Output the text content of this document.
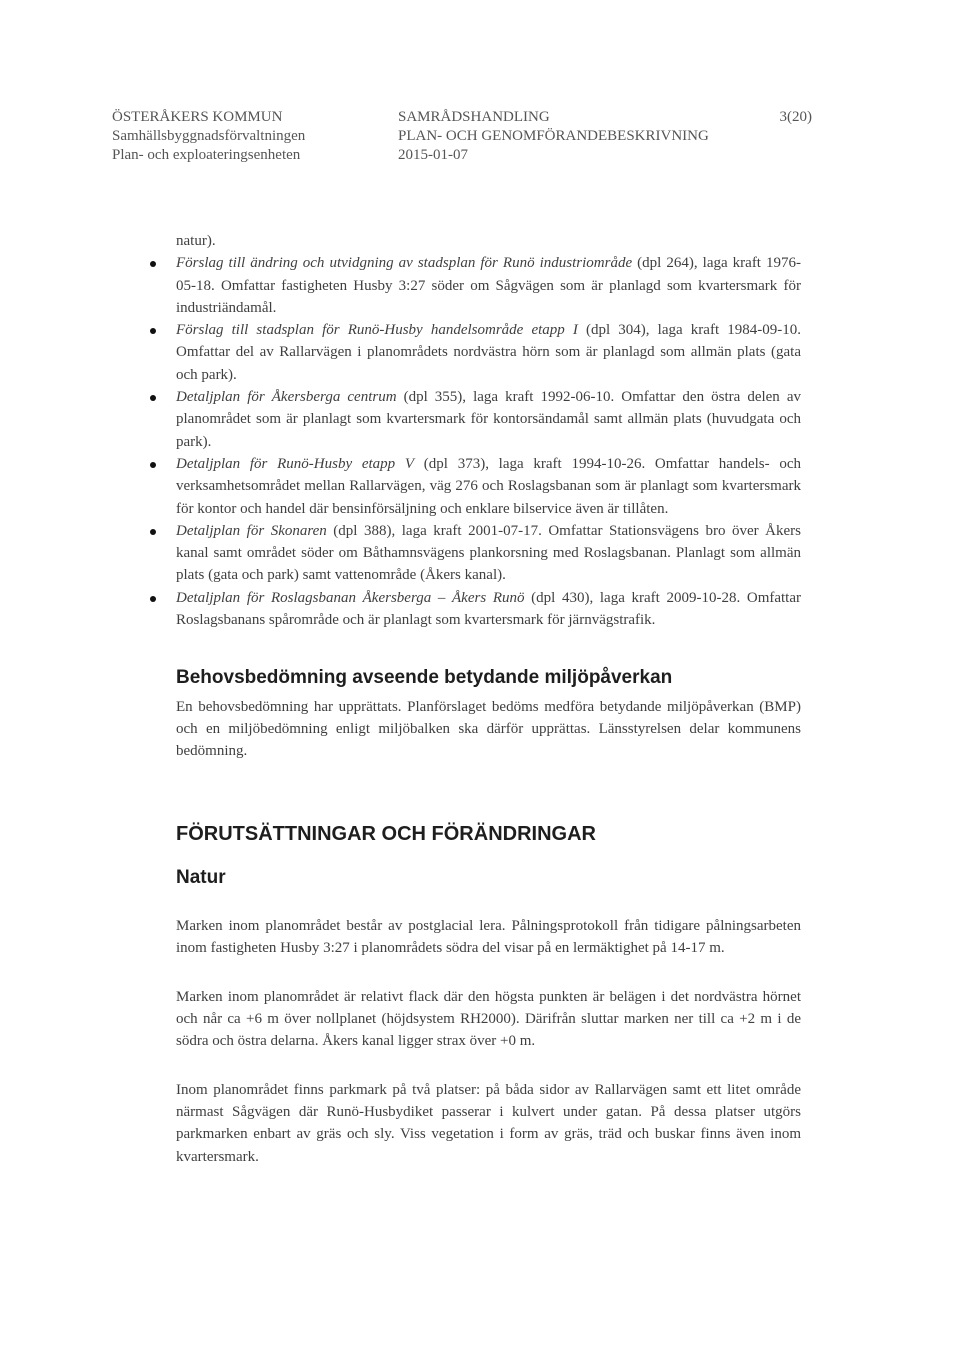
ÖSTERÅKERS KOMMUN
Samhällsbyggnadsförvaltningen
Plan- och exploateringsenheten
SAMRÅDSHANDLING	3(20)
PLAN- OCH GENOMFÖRANDEBESKRIVNING
2015-01-07

natur).

Förslag till ändring och utvidgning av stadsplan för Runö industriområde (dpl 264), laga kraft 1976-05-18. Omfattar fastigheten Husby 3:27 söder om Sågvägen som är planlagd som kvartersmark för industriändamål.
Förslag till stadsplan för Runö-Husby handelsområde etapp I (dpl 304), laga kraft 1984-09-10. Omfattar del av Rallarvägen i planområdets nordvästra hörn som är planlagd som allmän plats (gata och park).
Detaljplan för Åkersberga centrum (dpl 355), laga kraft 1992-06-10. Omfattar den östra delen av planområdet som är planlagt som kvartersmark för kontorsändamål samt allmän plats (huvudgata och park).
Detaljplan för Runö-Husby etapp V (dpl 373), laga kraft 1994-10-26. Omfattar handels- och verksamhetsområdet mellan Rallarvägen, väg 276 och Roslagsbanan som är planlagt som kvartersmark för kontor och handel där bensinförsäljning och enklare bilservice även är tillåten.
Detaljplan för Skonaren (dpl 388), laga kraft 2001-07-17. Omfattar Stationsvägens bro över Åkers kanal samt området söder om Båthamnsvägens plankorsning med Roslagsbanan. Planlagt som allmän plats (gata och park) samt vattenområde (Åkers kanal).
Detaljplan för Roslagsbanan Åkersberga – Åkers Runö (dpl 430), laga kraft 2009-10-28. Omfattar Roslagsbanans spårområde och är planlagt som kvartersmark för järnvägstrafik.
Behovsbedömning avseende betydande miljöpåverkan

En behovsbedömning har upprättats. Planförslaget bedöms medföra betydande miljöpåverkan (BMP) och en miljöbedömning enligt miljöbalken ska därför upprättas. Länsstyrelsen delar kommunens bedömning.

FÖRUTSÄTTNINGAR OCH FÖRÄNDRINGAR
Natur

Marken inom planområdet består av postglacial lera. Pålningsprotokoll från tidigare pålningsarbeten inom fastigheten Husby 3:27 i planområdets södra del visar på en lermäktighet på 14-17 m.

Marken inom planområdet är relativt flack där den högsta punkten är belägen i det nordvästra hörnet och når ca +6 m över nollplanet (höjdsystem RH2000). Därifrån sluttar marken ner till ca +2 m i de södra och östra delarna. Åkers kanal ligger strax över +0 m.

Inom planområdet finns parkmark på två platser: på båda sidor av Rallarvägen samt ett litet område närmast Sågvägen där Runö-Husbydiket passerar i kulvert under gatan. På dessa platser utgörs parkmarken enbart av gräs och sly. Viss vegetation i form av gräs, träd och buskar finns även inom kvartersmark.
